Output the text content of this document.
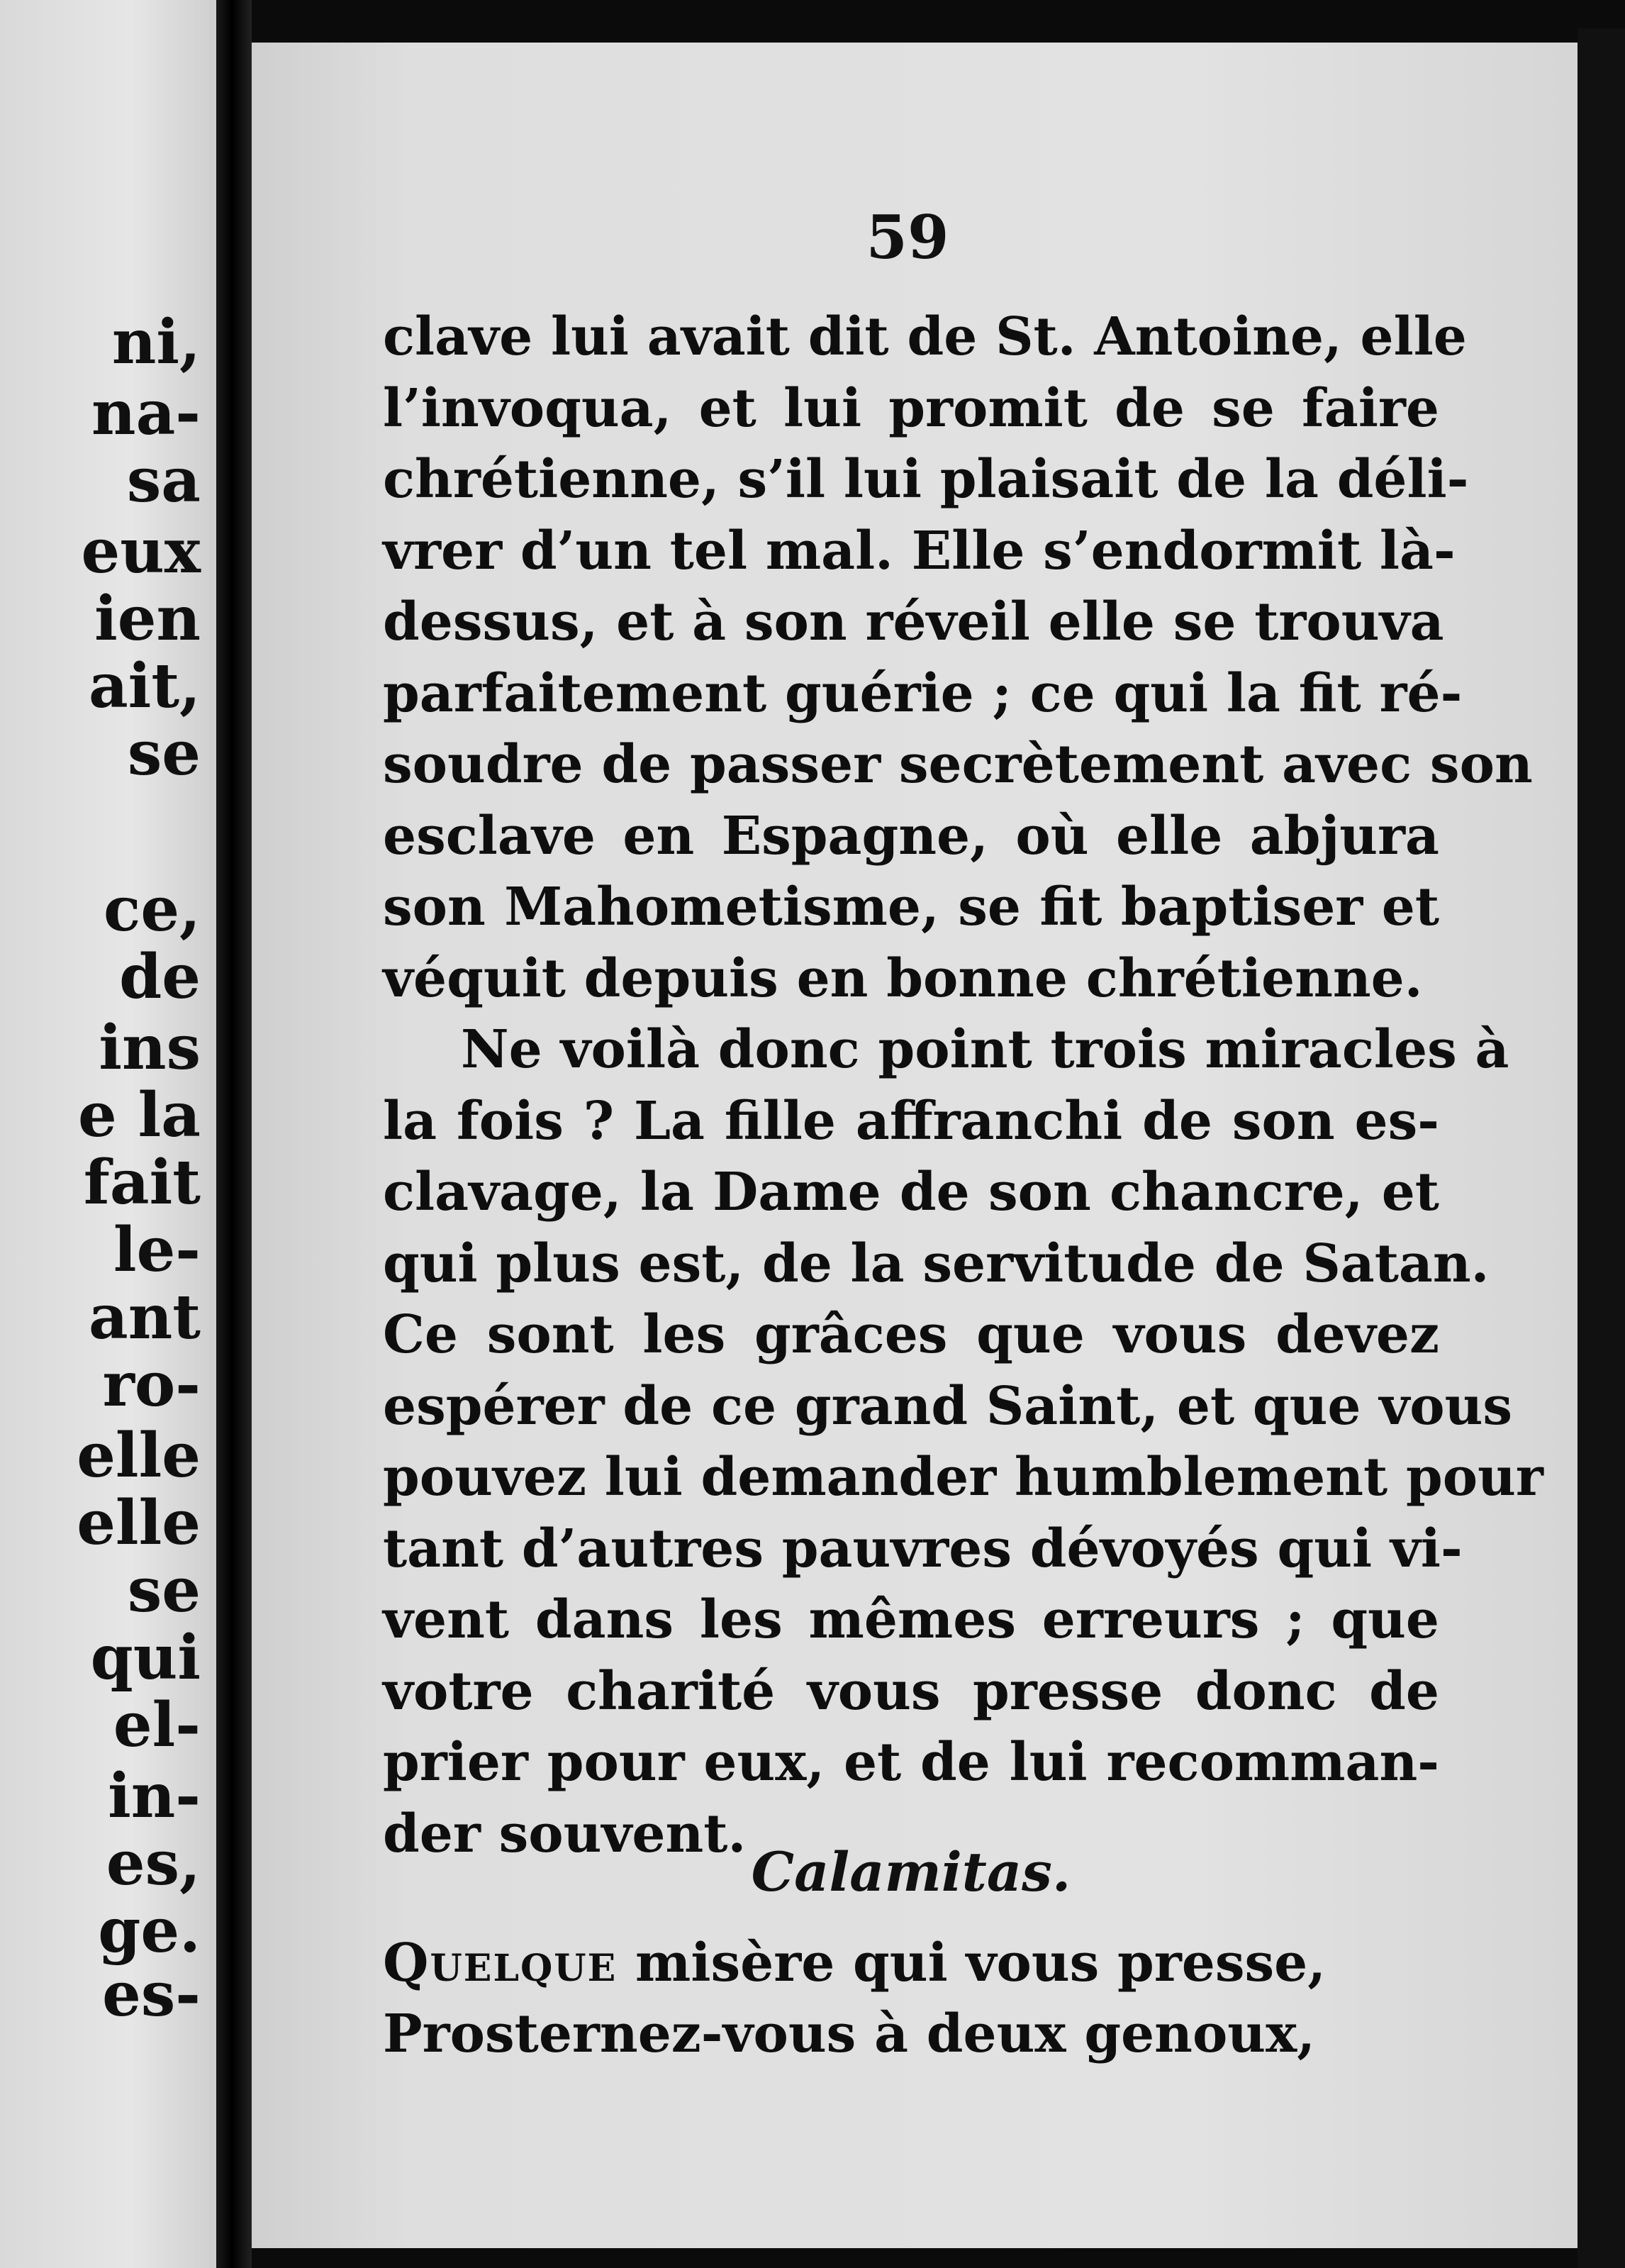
ni,

na-

sa

eux

ien

ait,

se

ce,

de

ins

e la

fait

le-

ant

ro-

elle

elle

se

qui

el-

in-

es,

ge.

es-

59

clave lui avait dit de St. Antoine, elle
l’invoqua, et lui promit de se faire
chrétienne, s’il lui plaisait de la déli-
vrer d’un tel mal. Elle s’endormit là-
dessus, et à son réveil elle se trouva
parfaitement guérie ; ce qui la fit ré-
soudre de passer secrètement avec son
esclave en Espagne, où elle abjura
son Mahometisme, se fit baptiser et
véquit depuis en bonne chrétienne.
Ne voilà donc point trois miracles à
la fois ? La fille affranchi de son es-
clavage, la Dame de son chancre, et
qui plus est, de la servitude de Satan.
Ce sont les grâces que vous devez
espérer de ce grand Saint, et que vous
pouvez lui demander humblement pour
tant d’autres pauvres dévoyés qui vi-
vent dans les mêmes erreurs ; que
votre charité vous presse donc de
prier pour eux, et de lui recomman-
der souvent.

Calamitas.

Quelque misère qui vous presse,
Prosternez-vous à deux genoux,
